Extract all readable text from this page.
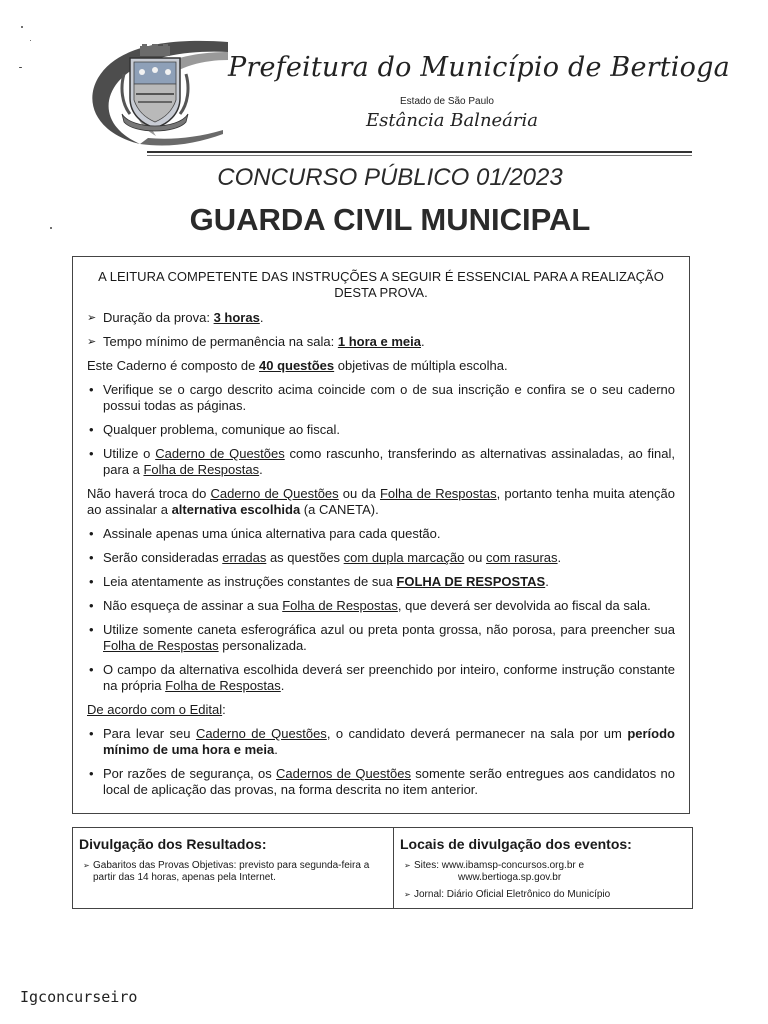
Prefeitura do Município de Bertioga
Estado de São Paulo
Estância Balneária
CONCURSO PÚBLICO 01/2023
GUARDA CIVIL MUNICIPAL
A LEITURA COMPETENTE DAS INSTRUÇÕES A SEGUIR É ESSENCIAL PARA A REALIZAÇÃO DESTA PROVA.
➢ Duração da prova: 3 horas.
➢ Tempo mínimo de permanência na sala: 1 hora e meia.
Este Caderno é composto de 40 questões objetivas de múltipla escolha.
• Verifique se o cargo descrito acima coincide com o de sua inscrição e confira se o seu caderno possui todas as páginas.
• Qualquer problema, comunique ao fiscal.
• Utilize o Caderno de Questões como rascunho, transferindo as alternativas assinaladas, ao final, para a Folha de Respostas.
Não haverá troca do Caderno de Questões ou da Folha de Respostas, portanto tenha muita atenção ao assinalar a alternativa escolhida (a CANETA).
• Assinale apenas uma única alternativa para cada questão.
• Serão consideradas erradas as questões com dupla marcação ou com rasuras.
• Leia atentamente as instruções constantes de sua FOLHA DE RESPOSTAS.
• Não esqueça de assinar a sua Folha de Respostas, que deverá ser devolvida ao fiscal da sala.
• Utilize somente caneta esferográfica azul ou preta ponta grossa, não porosa, para preencher sua Folha de Respostas personalizada.
• O campo da alternativa escolhida deverá ser preenchido por inteiro, conforme instrução constante na própria Folha de Respostas.
De acordo com o Edital:
• Para levar seu Caderno de Questões, o candidato deverá permanecer na sala por um período mínimo de uma hora e meia.
• Por razões de segurança, os Cadernos de Questões somente serão entregues aos candidatos no local de aplicação das provas, na forma descrita no item anterior.
Divulgação dos Resultados:
➢ Gabaritos das Provas Objetivas: previsto para segunda-feira a partir das 14 horas, apenas pela Internet.
Locais de divulgação dos eventos:
➢ Sites: www.ibamsp-concursos.org.br e
www.bertioga.sp.gov.br
➢ Jornal: Diário Oficial Eletrônico do Município
Igconcurseiro
